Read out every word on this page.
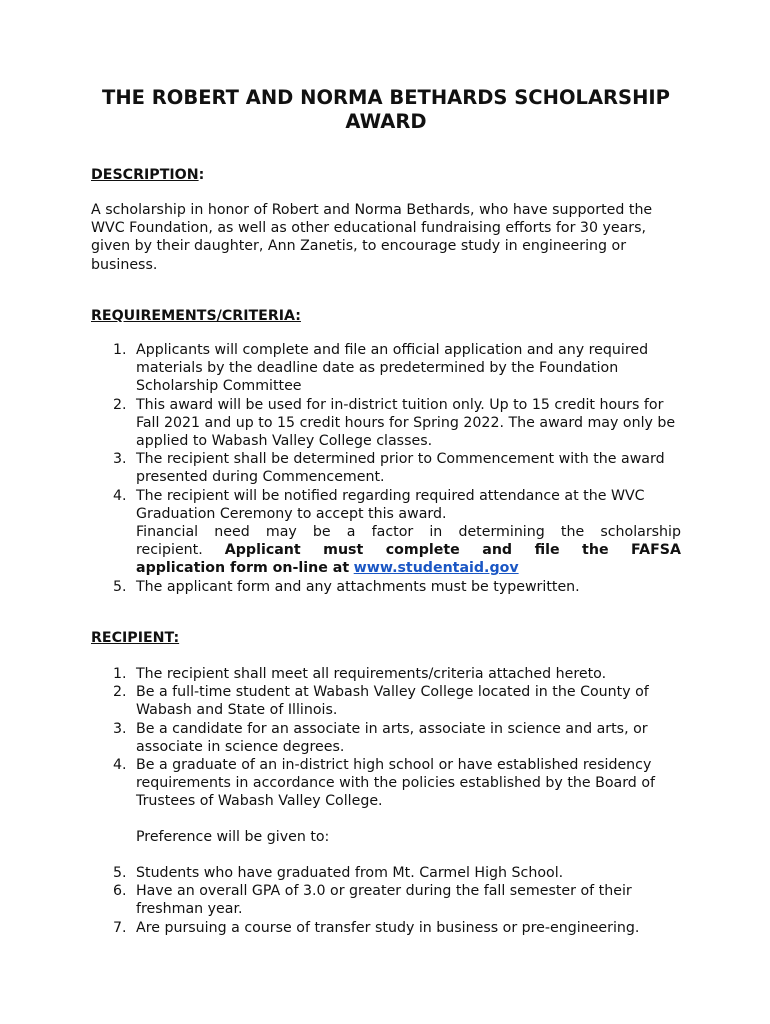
THE ROBERT AND NORMA BETHARDS SCHOLARSHIP AWARD

DESCRIPTION:

A scholarship in honor of Robert and Norma Bethards, who have supported the WVC Foundation, as well as other educational fundraising efforts for 30 years, given by their daughter, Ann Zanetis, to encourage study in engineering or business.

REQUIREMENTS/CRITERIA:

1. Applicants will complete and file an official application and any required materials by the deadline date as predetermined by the Foundation Scholarship Committee
2. This award will be used for in-district tuition only. Up to 15 credit hours for Fall 2021 and up to 15 credit hours for Spring 2022. The award may only be applied to Wabash Valley College classes.
3. The recipient shall be determined prior to Commencement with the award presented during Commencement.
4. The recipient will be notified regarding required attendance at the WVC Graduation Ceremony to accept this award.
Financial need may be a factor in determining the scholarship
recipient. Applicant must complete and file the FAFSA
application form on-line at www.studentaid.gov
5. The applicant form and any attachments must be typewritten.

RECIPIENT:

1. The recipient shall meet all requirements/criteria attached hereto.
2. Be a full-time student at Wabash Valley College located in the County of Wabash and State of Illinois.
3. Be a candidate for an associate in arts, associate in science and arts, or associate in science degrees.
4. Be a graduate of an in-district high school or have established residency requirements in accordance with the policies established by the Board of Trustees of Wabash Valley College.

Preference will be given to:

5. Students who have graduated from Mt. Carmel High School.
6. Have an overall GPA of 3.0 or greater during the fall semester of their freshman year.
7. Are pursuing a course of transfer study in business or pre-engineering.
